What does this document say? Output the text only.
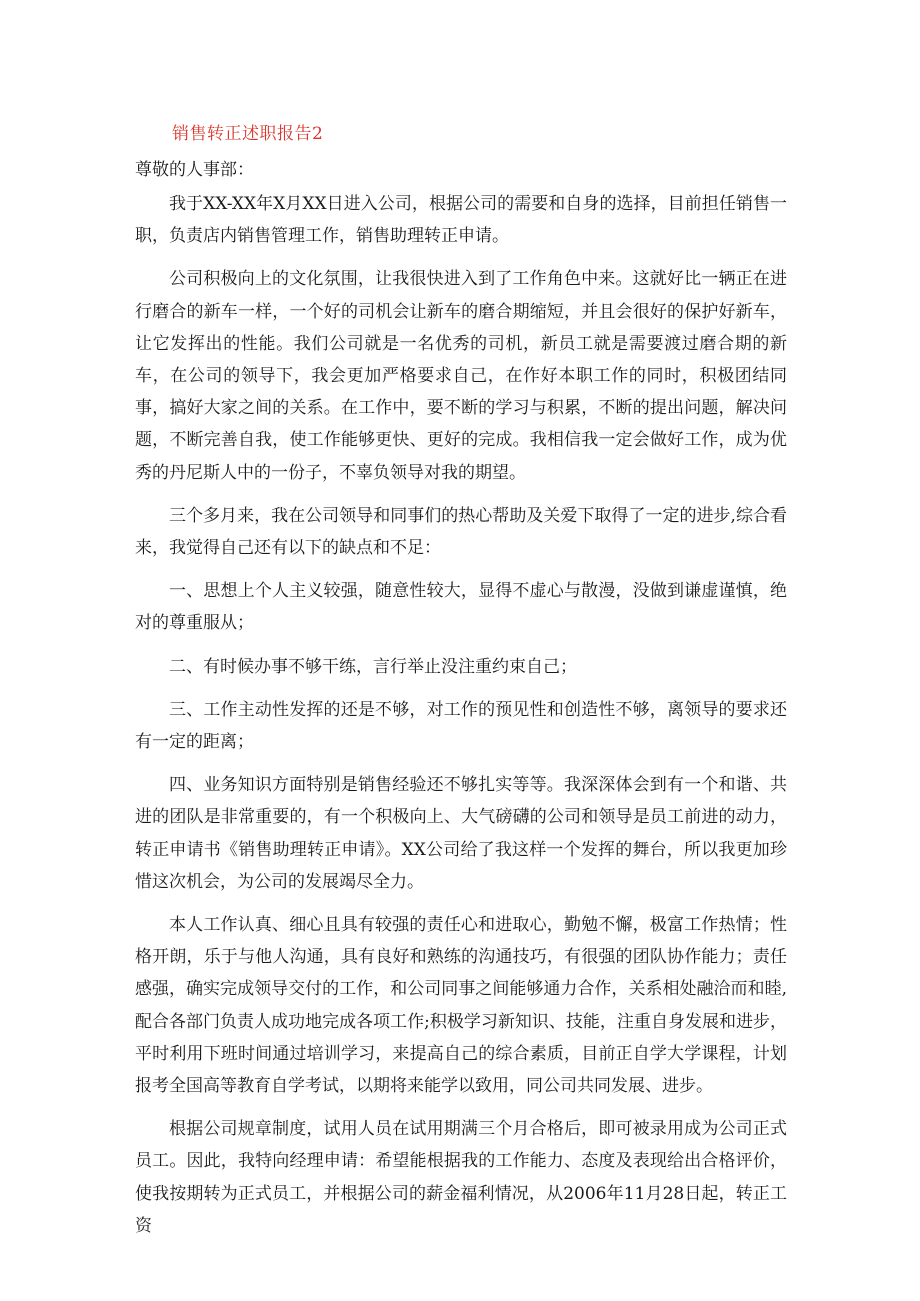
销售转正述职报告2
尊敬的人事部：

我于XX-XX年X月XX日进入公司，根据公司的需要和自身的选择，目前担任销售一职，负责店内销售管理工作，销售助理转正申请。

公司积极向上的文化氛围，让我很快进入到了工作角色中来。这就好比一辆正在进行磨合的新车一样，一个好的司机会让新车的磨合期缩短，并且会很好的保护好新车，让它发挥出的性能。我们公司就是一名优秀的司机，新员工就是需要渡过磨合期的新车，在公司的领导下，我会更加严格要求自己，在作好本职工作的同时，积极团结同事，搞好大家之间的关系。在工作中，要不断的学习与积累，不断的提出问题，解决问题，不断完善自我，使工作能够更快、更好的完成。我相信我一定会做好工作，成为优秀的丹尼斯人中的一份子，不辜负领导对我的期望。

三个多月来，我在公司领导和同事们的热心帮助及关爱下取得了一定的进步,综合看来，我觉得自己还有以下的缺点和不足：

一、思想上个人主义较强，随意性较大，显得不虚心与散漫，没做到谦虚谨慎，绝对的尊重服从；

二、有时候办事不够干练，言行举止没注重约束自己；

三、工作主动性发挥的还是不够，对工作的预见性和创造性不够，离领导的要求还有一定的距离；

四、业务知识方面特别是销售经验还不够扎实等等。我深深体会到有一个和谐、共进的团队是非常重要的，有一个积极向上、大气磅礴的公司和领导是员工前进的动力，转正申请书《销售助理转正申请》。XX公司给了我这样一个发挥的舞台，所以我更加珍惜这次机会，为公司的发展竭尽全力。

本人工作认真、细心且具有较强的责任心和进取心，勤勉不懈，极富工作热情；性格开朗，乐于与他人沟通，具有良好和熟练的沟通技巧，有很强的团队协作能力；责任感强，确实完成领导交付的工作，和公司同事之间能够通力合作，关系相处融洽而和睦,配合各部门负责人成功地完成各项工作;积极学习新知识、技能，注重自身发展和进步，平时利用下班时间通过培训学习，来提高自己的综合素质，目前正自学大学课程，计划报考全国高等教育自学考试，以期将来能学以致用，同公司共同发展、进步。

根据公司规章制度，试用人员在试用期满三个月合格后，即可被录用成为公司正式员工。因此，我特向经理申请：希望能根据我的工作能力、态度及表现给出合格评价，使我按期转为正式员工，并根据公司的薪金福利情况，从2006年11月28日起，转正工资
